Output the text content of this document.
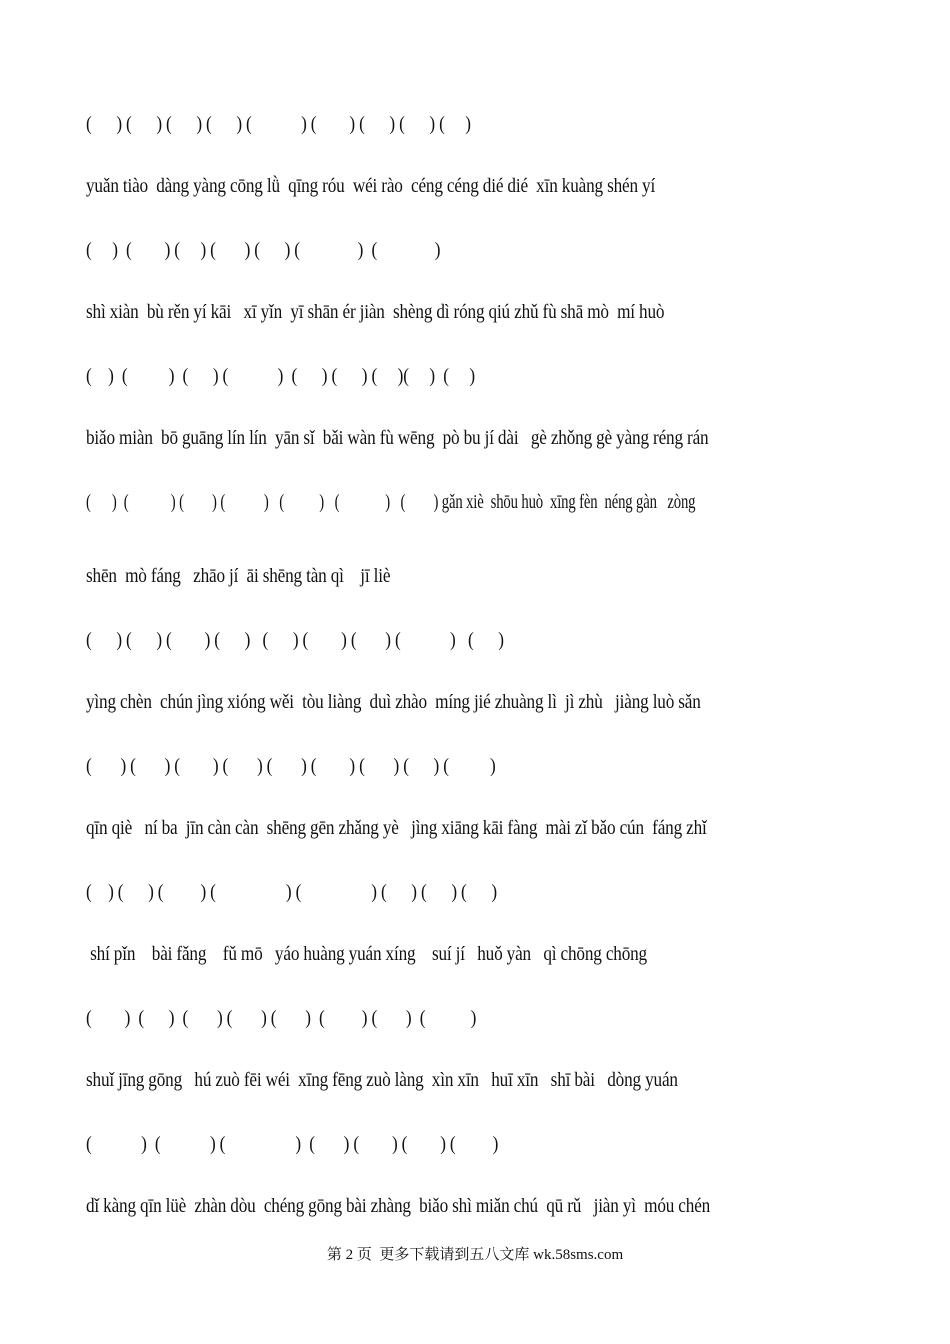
(      ) (      ) (      ) (      ) (            ) (        ) (      ) (      ) (     )
yuǎn tiào  dàng yàng cōng lǜ  qīng róu  wéi rào  céng céng dié dié  xīn kuàng shén yí
(     )  (        ) (     ) (       ) (      ) (              )  (              )
shì xiàn  bù rěn yí kāi   xī yǐn  yī shān ér jiàn  shèng dì róng qiú zhǔ fù shā mò  mí huò
(    )  (          )  (      ) (            )  (      ) (      ) (     )(     )  (     )
biǎo miàn  bō guāng lín lín  yān sǐ  bǎi wàn fù wēng  pò bu jí dài   gè zhǒng gè yàng réng rán
(      )  (            ) (        ) (           )   (          )   (             )   (        ) gǎn xiè  shōu huò  xīng fèn  néng gàn   zòng
shēn  mò fáng   zhāo jí  āi shēng tàn qì    jī liè
(      ) (      ) (        ) (      )   (      ) (        ) (       ) (            )   (      )
yìng chèn  chún jìng xióng wěi  tòu liàng  duì zhào  míng jié zhuàng lì  jì zhù   jiàng luò sǎn
(       ) (       ) (        ) (       ) (       ) (        ) (       ) (      ) (          )
qīn qiè   ní ba  jīn càn càn  shēng gēn zhǎng yè   jìng xiāng kāi fàng  mài zǐ bǎo cún  fáng zhǐ
(    ) (      ) (         ) (                 ) (                 ) (      ) (      ) (      )
shí pǐn    bài fǎng    fǔ mō   yáo huàng yuán xíng    suí jí   huǒ yàn   qì chōng chōng
(        )  (      )  (       ) (       ) (       )  (         ) (       )  (           )
shuǐ jīng gōng   hú zuò fēi wéi  xīng fēng zuò làng  xìn xīn   huī xīn   shī bài   dòng yuán
(            )  (            ) (                 )  (       ) (        ) (        ) (         )
dǐ kàng qīn lüè  zhàn dòu  chéng gōng bài zhàng  biǎo shì miǎn chú  qū rǔ   jiàn yì  móu chén
第 2 页  更多下载请到五八文库 wk.58sms.com
